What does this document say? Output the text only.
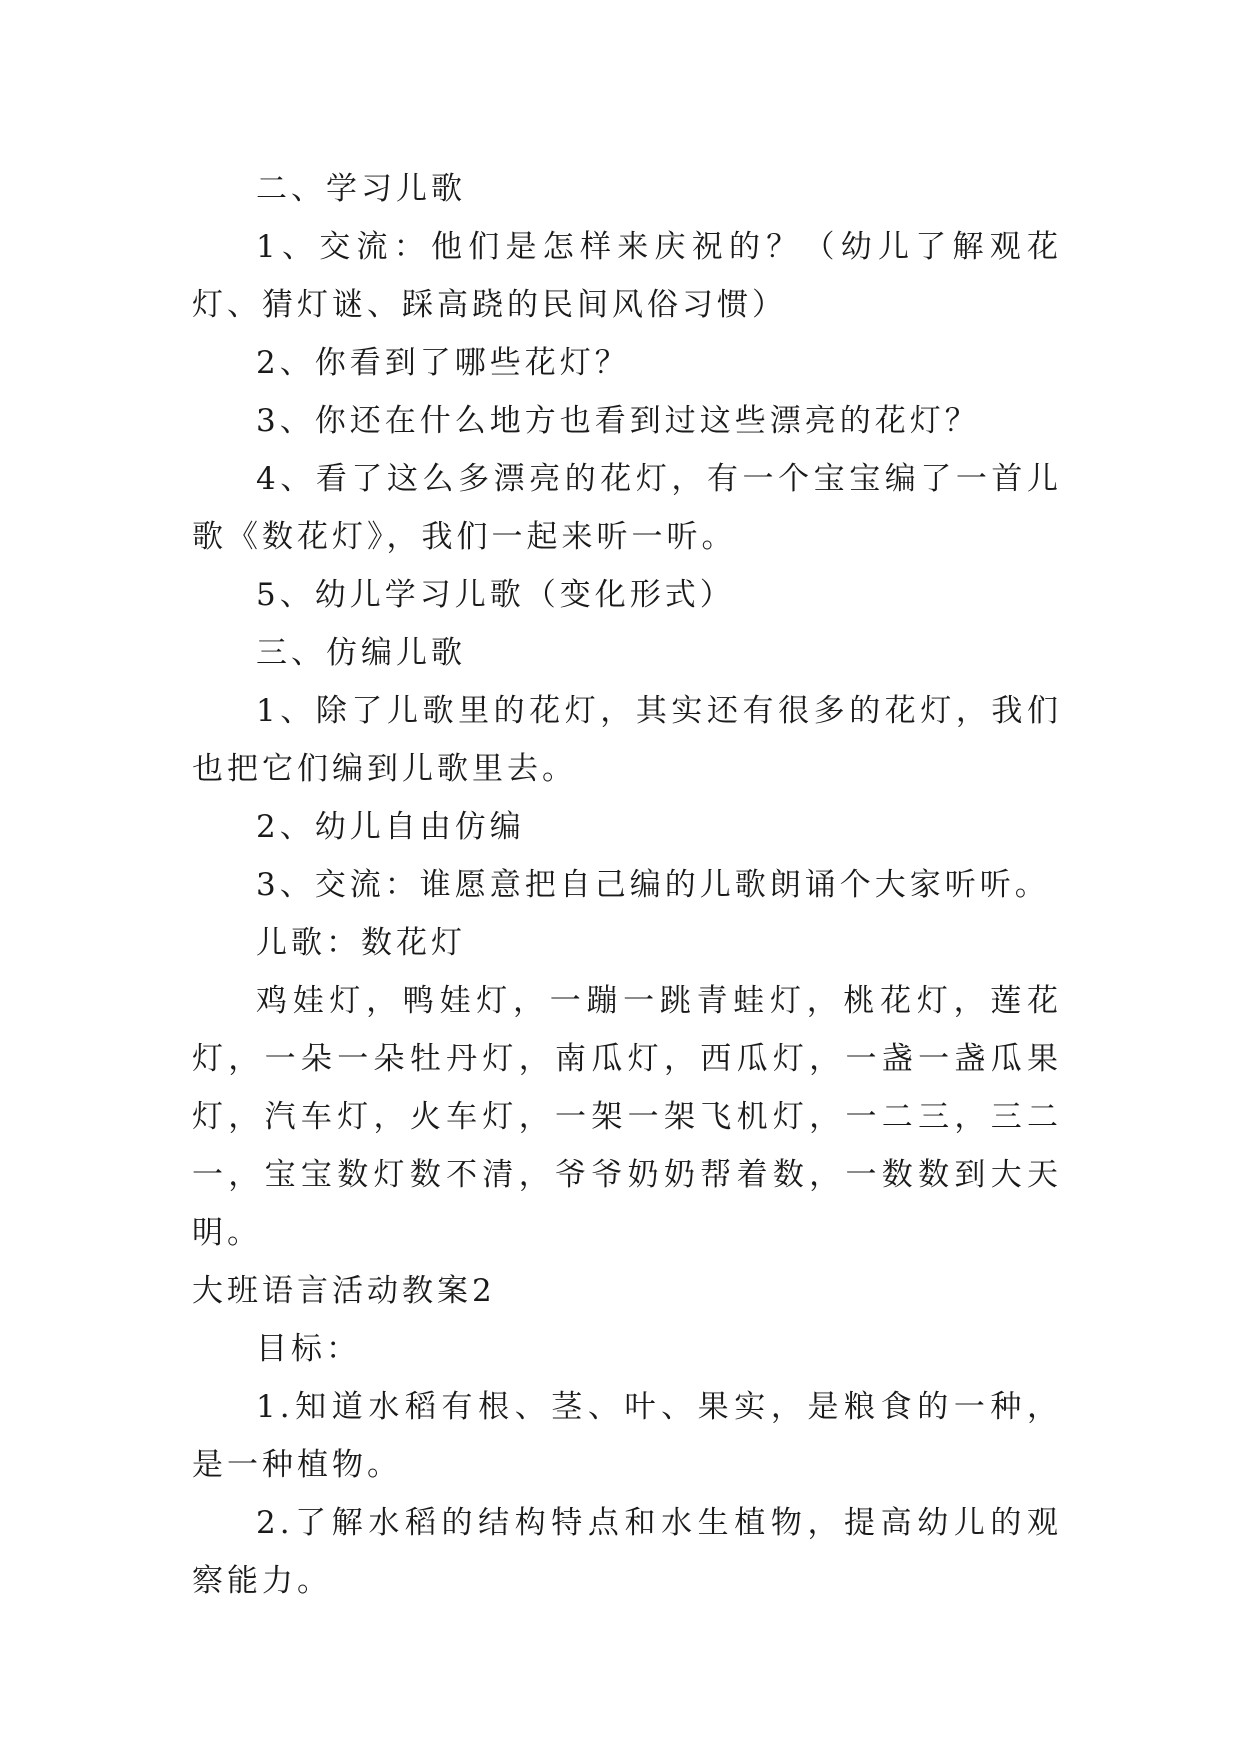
二、学习儿歌

1、交流：他们是怎样来庆祝的？（幼儿了解观花灯、猜灯谜、踩高跷的民间风俗习惯）

2、你看到了哪些花灯？

3、你还在什么地方也看到过这些漂亮的花灯？

4、看了这么多漂亮的花灯，有一个宝宝编了一首儿歌《数花灯》，我们一起来听一听。

5、幼儿学习儿歌（变化形式）

三、仿编儿歌

1、除了儿歌里的花灯，其实还有很多的花灯，我们也把它们编到儿歌里去。

2、幼儿自由仿编

3、交流：谁愿意把自己编的儿歌朗诵个大家听听。

儿歌：数花灯

鸡娃灯，鸭娃灯，一蹦一跳青蛙灯，桃花灯，莲花灯，一朵一朵牡丹灯，南瓜灯，西瓜灯，一盏一盏瓜果灯，汽车灯，火车灯，一架一架飞机灯，一二三，三二一，宝宝数灯数不清，爷爷奶奶帮着数，一数数到大天明。

大班语言活动教案2

目标：

1.知道水稻有根、茎、叶、果实，是粮食的一种，是一种植物。

2.了解水稻的结构特点和水生植物，提高幼儿的观察能力。
